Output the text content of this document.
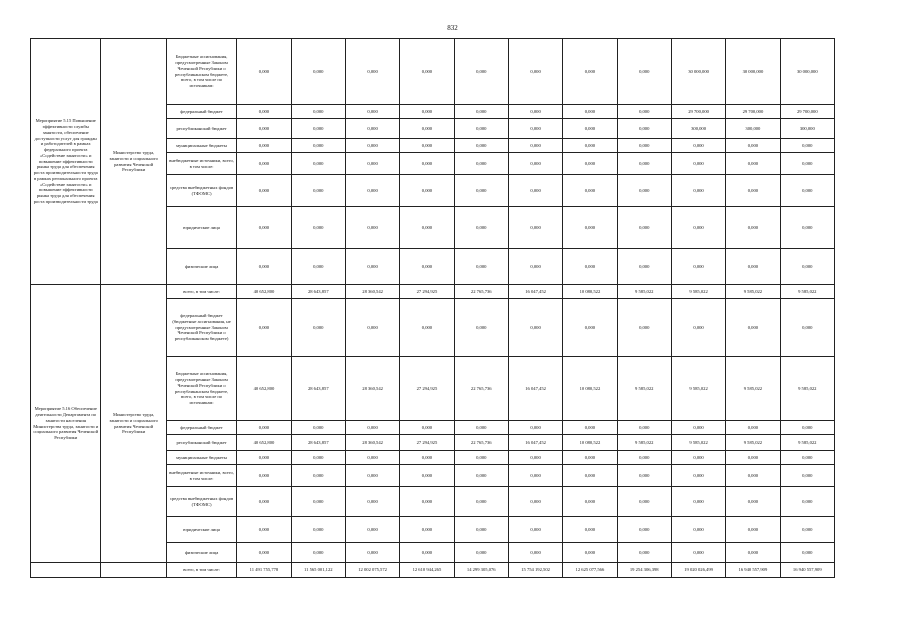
832
Мероприятие 5.15 Повышение эффективности службы занятости, обеспечение доступности услуг для граждан и работодателей в рамках федерального проекта «Содействие занятости» и повышение эффективности рынка труда для обеспечения роста производительности труда в рамках регионального проекта «Содействие занятости» и повышение эффективности рынка труда для обеспечения роста производительности труда	Министерство труда, занятости и социального развития Чеченской Республики	Бюджетные ассигнования, предусмотренные Законом Чеченской Республики о республиканском бюджете, всего, в том числе по источникам:	0,000	0,000	0,000	0,000	0,000	0,000	0,000	0,000	30 000,000	30 000,000	30 000,000
		федеральный бюджет	0,000	0,000	0,000	0,000	0,000	0,000	0,000	0,000	29 700,000	29 700,000	29 700,000
		республиканский бюджет	0,000	0,000	0,000	0,000	0,000	0,000	0,000	0,000	300,000	300,000	300,000
		муниципальные бюджеты	0,000	0,000	0,000	0,000	0,000	0,000	0,000	0,000	0,000	0,000	0,000
		внебюджетные источники, всего, в том числе:	0,000	0,000	0,000	0,000	0,000	0,000	0,000	0,000	0,000	0,000	0,000
		средства внебюджетных фондов (ТФОМС)	0,000	0,000	0,000	0,000	0,000	0,000	0,000	0,000	0,000	0,000	0,000
		юридические лица	0,000	0,000	0,000	0,000	0,000	0,000	0,000	0,000	0,000	0,000	0,000
		физические лица	0,000	0,000	0,000	0,000	0,000	0,000	0,000	0,000	0,000	0,000	0,000
Мероприятие 5.16 Обеспечение деятельности Департамента по занятости населения Министерства труда, занятости и социального развития Чеченской Республики	Министерство труда, занятости и социального развития Чеченской Республики	всего, в том числе:	40 652,800	28 643,857	28 360,542	27 294,925	22 765,736	16 047,452	10 080,522	9 585,022	9 585,022	9 585,022	9 585,022
		федеральный бюджет (бюджетные ассигнования, не предусмотренные Законом Чеченской Республики о республиканском бюджете)	0,000	0,000	0,000	0,000	0,000	0,000	0,000	0,000	0,000	0,000	0,000
		Бюджетные ассигнования, предусмотренные Законом Чеченской Республики о республиканском бюджете, всего, в том числе по источникам:	40 652,800	28 643,857	28 360,542	27 294,925	22 765,736	16 047,452	10 080,522	9 585,022	9 585,022	9 585,022	9 585,022
		федеральный бюджет	0,000	0,000	0,000	0,000	0,000	0,000	0,000	0,000	0,000	0,000	0,000
		республиканский бюджет	40 652,800	28 643,857	28 360,542	27 294,925	22 765,736	16 047,452	10 080,522	9 585,022	9 585,022	9 585,022	9 585,022
		муниципальные бюджеты	0,000	0,000	0,000	0,000	0,000	0,000	0,000	0,000	0,000	0,000	0,000
		внебюджетные источники, всего, в том числе:	0,000	0,000	0,000	0,000	0,000	0,000	0,000	0,000	0,000	0,000	0,000
		средства внебюджетных фондов (ТФОМС)	0,000	0,000	0,000	0,000	0,000	0,000	0,000	0,000	0,000	0,000	0,000
		юридические лица	0,000	0,000	0,000	0,000	0,000	0,000	0,000	0,000	0,000	0,000	0,000
		физические лица	0,000	0,000	0,000	0,000	0,000	0,000	0,000	0,000	0,000	0,000	0,000
		всего, в том числе:	11 491 755,778	11 565 001,122	12 002 075,572	12 610 944,265	14 299 305,076	15 754 192,502	12 625 077,566	19 254 306,398	19 020 026,499	16 940 557,909	16 940 557,909
